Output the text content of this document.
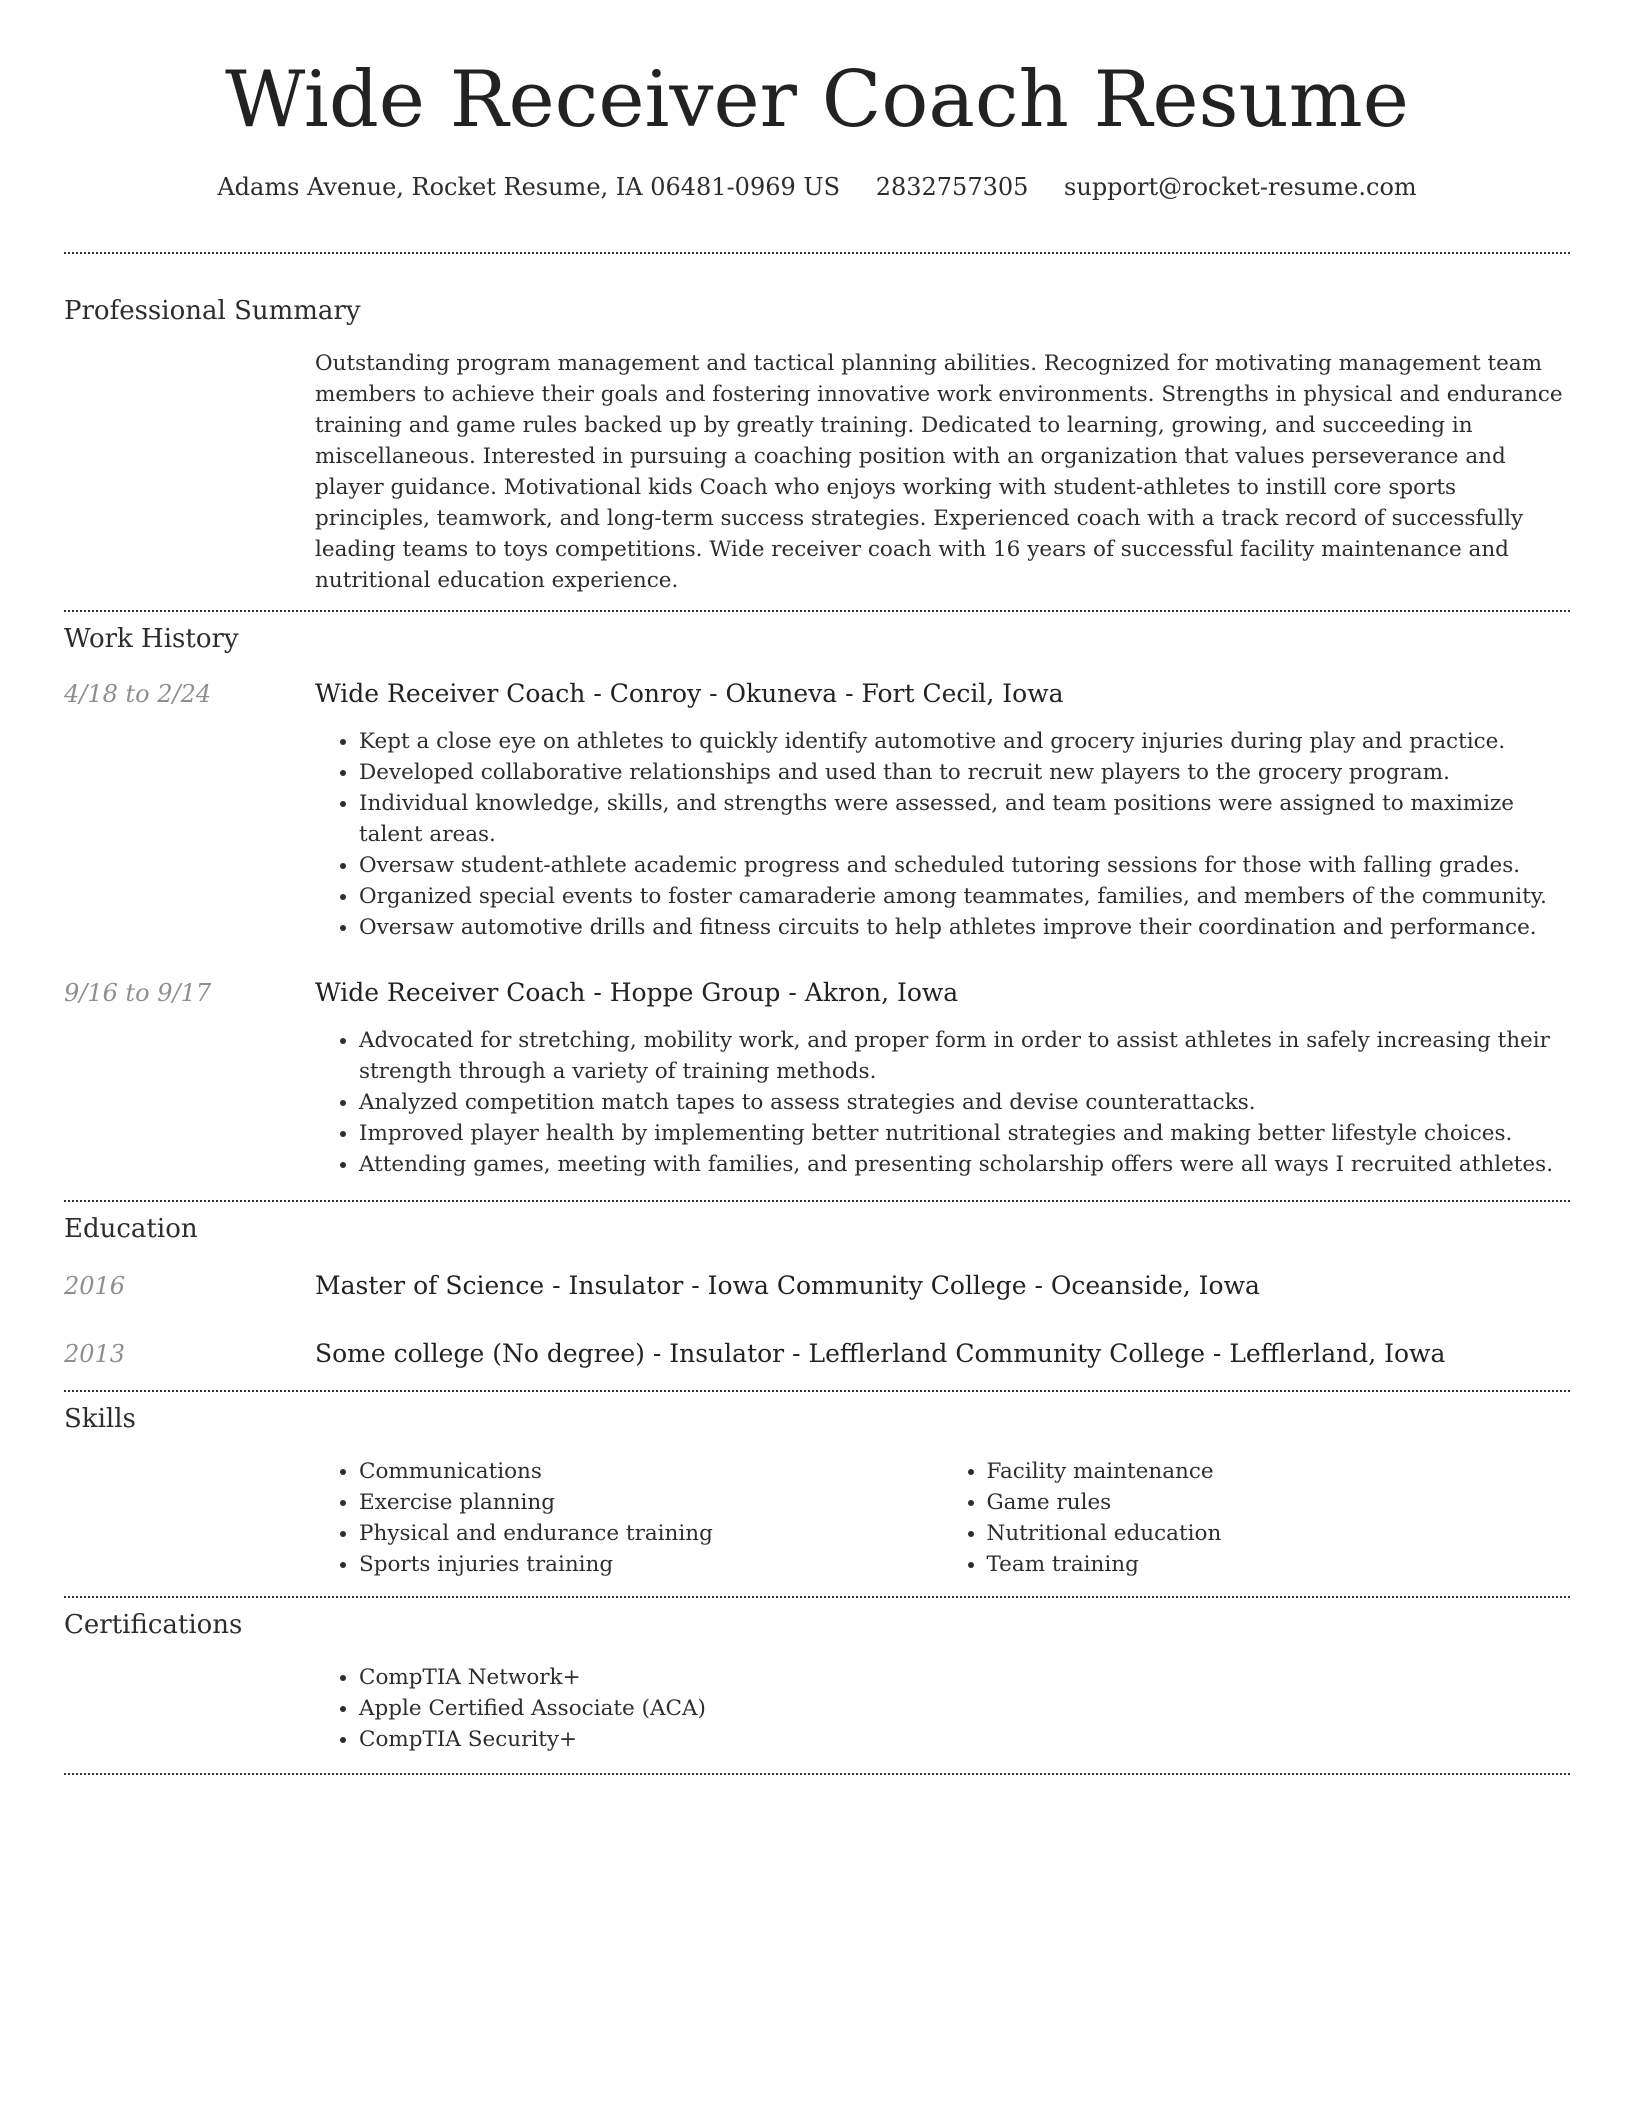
Wide Receiver Coach Resume
Adams Avenue, Rocket Resume, IA 06481-0969 US 2832757305 support@rocket-resume.com
Professional Summary

Outstanding program management and tactical planning abilities. Recognized for motivating management team members to achieve their goals and fostering innovative work environments. Strengths in physical and endurance training and game rules backed up by greatly training. Dedicated to learning, growing, and succeeding in miscellaneous. Interested in pursuing a coaching position with an organization that values perseverance and player guidance. Motivational kids Coach who enjoys working with student-athletes to instill core sports principles, teamwork, and long-term success strategies. Experienced coach with a track record of successfully leading teams to toys competitions. Wide receiver coach with 16 years of successful facility maintenance and nutritional education experience.

Work History
4/18 to 2/24	Wide Receiver Coach - Conroy - Okuneva - Fort Cecil, Iowa
• Kept a close eye on athletes to quickly identify automotive and grocery injuries during play and practice.
• Developed collaborative relationships and used than to recruit new players to the grocery program.
• Individual knowledge, skills, and strengths were assessed, and team positions were assigned to maximize talent areas.
• Oversaw student-athlete academic progress and scheduled tutoring sessions for those with falling grades.
• Organized special events to foster camaraderie among teammates, families, and members of the community.
• Oversaw automotive drills and fitness circuits to help athletes improve their coordination and performance.
9/16 to 9/17	Wide Receiver Coach - Hoppe Group - Akron, Iowa
• Advocated for stretching, mobility work, and proper form in order to assist athletes in safely increasing their strength through a variety of training methods.
• Analyzed competition match tapes to assess strategies and devise counterattacks.
• Improved player health by implementing better nutritional strategies and making better lifestyle choices.
• Attending games, meeting with families, and presenting scholarship offers were all ways I recruited athletes.
Education
2016	Master of Science - Insulator - Iowa Community College - Oceanside, Iowa
2013	Some college (No degree) - Insulator - Lefflerland Community College - Lefflerland, Iowa
Skills
• Communications
• Exercise planning
• Physical and endurance training
• Sports injuries training
• Facility maintenance
• Game rules
• Nutritional education
• Team training
Certifications
• CompTIA Network+
• Apple Certified Associate (ACA)
• CompTIA Security+
